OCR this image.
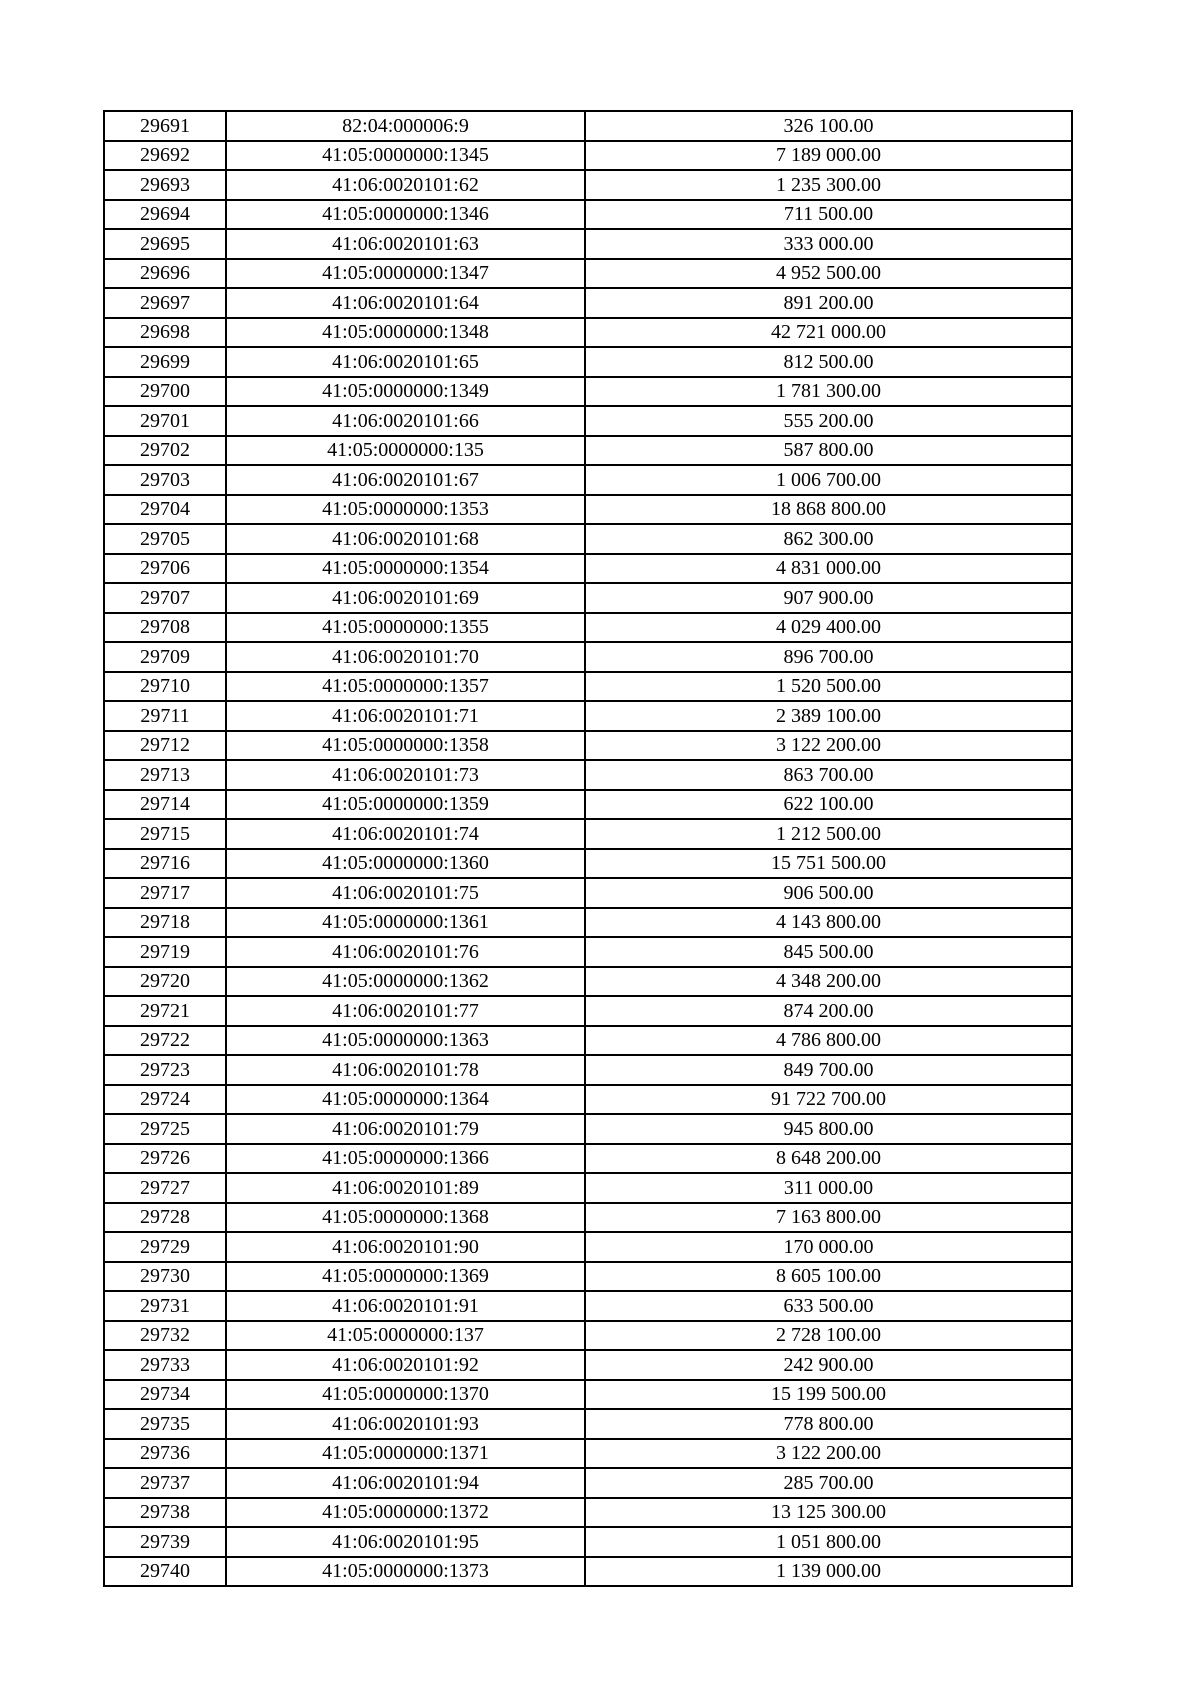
29691	82:04:000006:9	326 100.00
29692	41:05:0000000:1345	7 189 000.00
29693	41:06:0020101:62	1 235 300.00
29694	41:05:0000000:1346	711 500.00
29695	41:06:0020101:63	333 000.00
29696	41:05:0000000:1347	4 952 500.00
29697	41:06:0020101:64	891 200.00
29698	41:05:0000000:1348	42 721 000.00
29699	41:06:0020101:65	812 500.00
29700	41:05:0000000:1349	1 781 300.00
29701	41:06:0020101:66	555 200.00
29702	41:05:0000000:135	587 800.00
29703	41:06:0020101:67	1 006 700.00
29704	41:05:0000000:1353	18 868 800.00
29705	41:06:0020101:68	862 300.00
29706	41:05:0000000:1354	4 831 000.00
29707	41:06:0020101:69	907 900.00
29708	41:05:0000000:1355	4 029 400.00
29709	41:06:0020101:70	896 700.00
29710	41:05:0000000:1357	1 520 500.00
29711	41:06:0020101:71	2 389 100.00
29712	41:05:0000000:1358	3 122 200.00
29713	41:06:0020101:73	863 700.00
29714	41:05:0000000:1359	622 100.00
29715	41:06:0020101:74	1 212 500.00
29716	41:05:0000000:1360	15 751 500.00
29717	41:06:0020101:75	906 500.00
29718	41:05:0000000:1361	4 143 800.00
29719	41:06:0020101:76	845 500.00
29720	41:05:0000000:1362	4 348 200.00
29721	41:06:0020101:77	874 200.00
29722	41:05:0000000:1363	4 786 800.00
29723	41:06:0020101:78	849 700.00
29724	41:05:0000000:1364	91 722 700.00
29725	41:06:0020101:79	945 800.00
29726	41:05:0000000:1366	8 648 200.00
29727	41:06:0020101:89	311 000.00
29728	41:05:0000000:1368	7 163 800.00
29729	41:06:0020101:90	170 000.00
29730	41:05:0000000:1369	8 605 100.00
29731	41:06:0020101:91	633 500.00
29732	41:05:0000000:137	2 728 100.00
29733	41:06:0020101:92	242 900.00
29734	41:05:0000000:1370	15 199 500.00
29735	41:06:0020101:93	778 800.00
29736	41:05:0000000:1371	3 122 200.00
29737	41:06:0020101:94	285 700.00
29738	41:05:0000000:1372	13 125 300.00
29739	41:06:0020101:95	1 051 800.00
29740	41:05:0000000:1373	1 139 000.00
